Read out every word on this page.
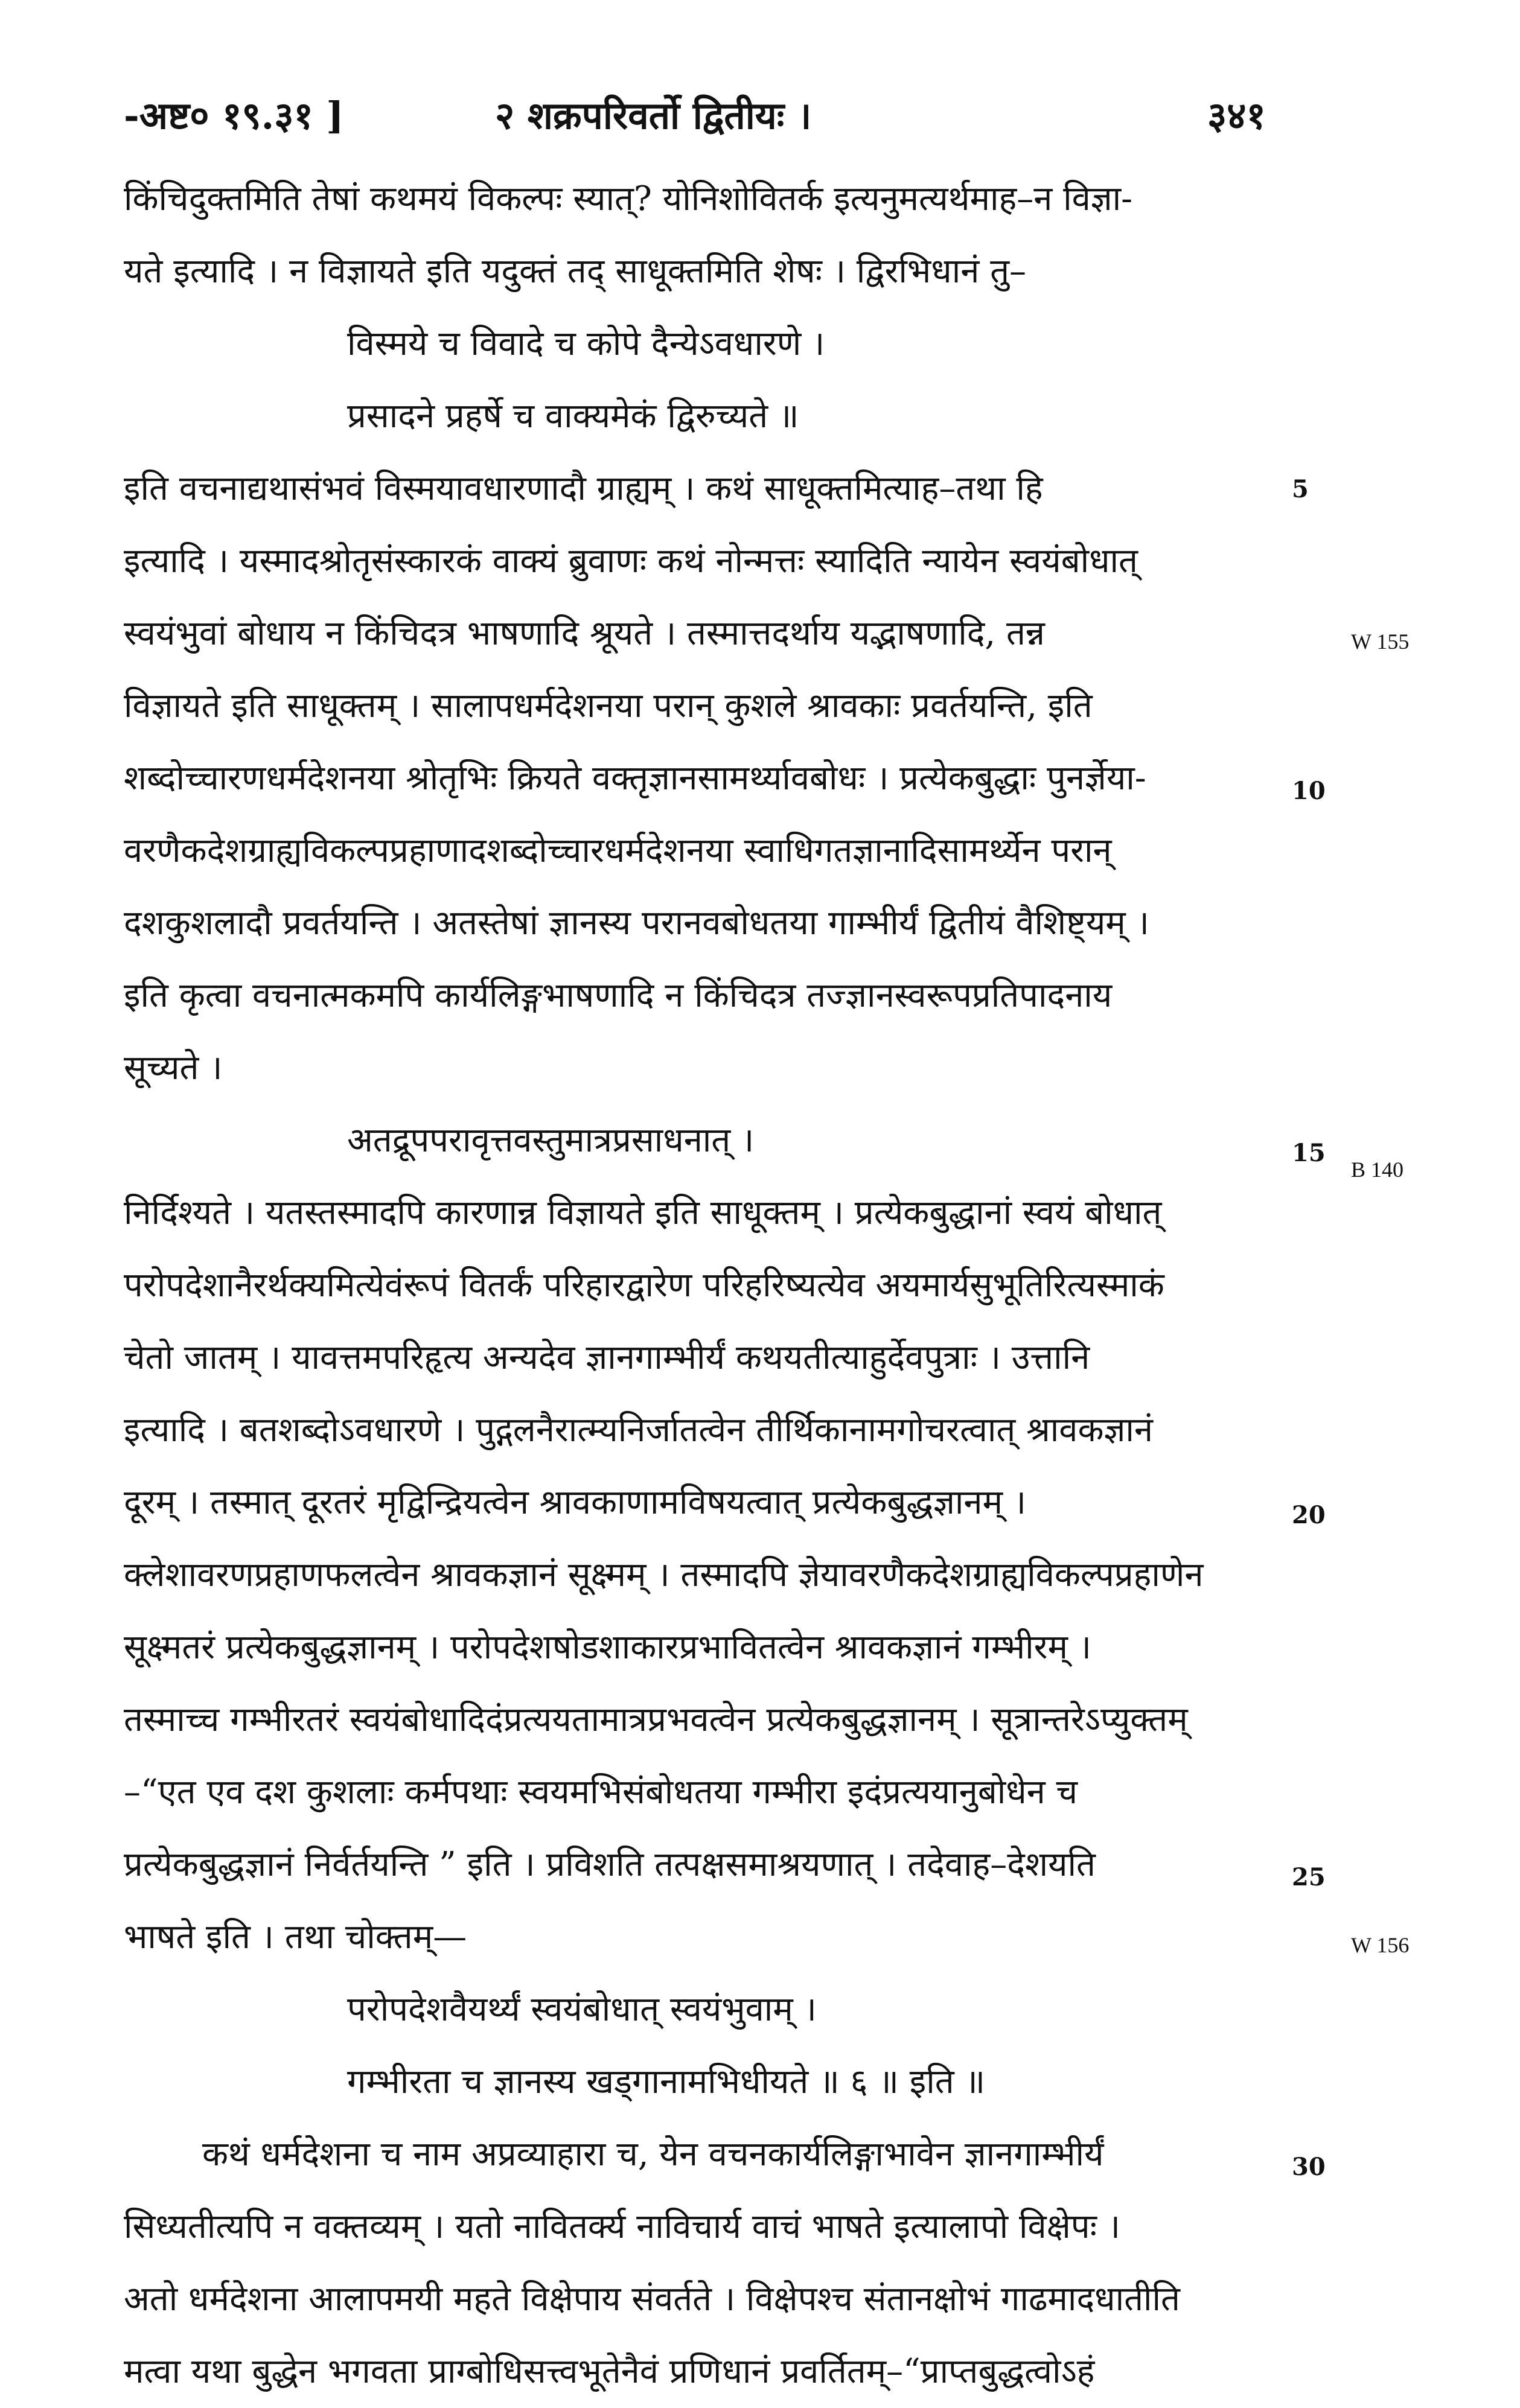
-अष्ट० १९.३१ ]	२ शक्रपरिवर्तो द्वितीयः ।	३४१
किंचिदुक्तमिति तेषां कथमयं विकल्पः स्यात्? योनिशोवितर्क इत्यनुमत्यर्थमाह–न विज्ञा-
यते इत्यादि । न विज्ञायते इति यदुक्तं तद् साधूक्तमिति शेषः । द्विरभिधानं तु–
विस्मये च विवादे च कोपे दैन्येऽवधारणे ।
प्रसादने प्रहर्षे च वाक्यमेकं द्विरुच्यते ॥
इति वचनाद्यथासंभवं विस्मयावधारणादौ ग्राह्यम् । कथं साधूक्तमित्याह–तथा हि
इत्यादि । यस्मादश्रोतृसंस्कारकं वाक्यं ब्रुवाणः कथं नोन्मत्तः स्यादिति न्यायेन स्वयंबोधात्
स्वयंभुवां बोधाय न किंचिदत्र भाषणादि श्रूयते । तस्मात्तदर्थाय यद्भाषणादि, तन्न
विज्ञायते इति साधूक्तम् । सालापधर्मदेशनया परान् कुशले श्रावकाः प्रवर्तयन्ति, इति
शब्दोच्चारणधर्मदेशनया श्रोतृभिः क्रियते वक्तृज्ञानसामर्थ्यावबोधः । प्रत्येकबुद्धाः पुनर्ज्ञेया-
वरणैकदेशग्राह्यविकल्पप्रहाणादशब्दोच्चारधर्मदेशनया स्वाधिगतज्ञानादिसामर्थ्येन परान्
दशकुशलादौ प्रवर्तयन्ति । अतस्तेषां ज्ञानस्य परानवबोधतया गाम्भीर्यं द्वितीयं वैशिष्ट्यम् ।
इति कृत्वा वचनात्मकमपि कार्यलिङ्गभाषणादि न किंचिदत्र तज्ज्ञानस्वरूपप्रतिपादनाय
सूच्यते ।
अतद्रूपपरावृत्तवस्तुमात्रप्रसाधनात् ।
निर्दिश्यते । यतस्तस्मादपि कारणान्न विज्ञायते इति साधूक्तम् । प्रत्येकबुद्धानां स्वयं बोधात्
परोपदेशानैरर्थक्यमित्येवंरूपं वितर्कं परिहारद्वारेण परिहरिष्यत्येव अयमार्यसुभूतिरित्यस्माकं
चेतो जातम् । यावत्तमपरिहृत्य अन्यदेव ज्ञानगाम्भीर्यं कथयतीत्याहुर्देवपुत्राः । उत्तानि
इत्यादि । बतशब्दोऽवधारणे । पुद्गलनैरात्म्यनिर्जातत्वेन तीर्थिकानामगोचरत्वात् श्रावकज्ञानं
दूरम् । तस्मात् दूरतरं मृद्विन्द्रियत्वेन श्रावकाणामविषयत्वात् प्रत्येकबुद्धज्ञानम् ।
क्लेशावरणप्रहाणफलत्वेन श्रावकज्ञानं सूक्ष्मम् । तस्मादपि ज्ञेयावरणैकदेशग्राह्यविकल्पप्रहाणेन
सूक्ष्मतरं प्रत्येकबुद्धज्ञानम् । परोपदेशषोडशाकारप्रभावितत्वेन श्रावकज्ञानं गम्भीरम् ।
तस्माच्च गम्भीरतरं स्वयंबोधादिदंप्रत्ययतामात्रप्रभवत्वेन प्रत्येकबुद्धज्ञानम् । सूत्रान्तरेऽप्युक्तम्
–“एत एव दश कुशलाः कर्मपथाः स्वयमभिसंबोधतया गम्भीरा इदंप्रत्ययानुबोधेन च
प्रत्येकबुद्धज्ञानं निर्वर्तयन्ति ” इति । प्रविशति तत्पक्षसमाश्रयणात् । तदेवाह–देशयति
भाषते इति । तथा चोक्तम्—
परोपदेशवैयर्थ्यं स्वयंबोधात् स्वयंभुवाम् ।
गम्भीरता च ज्ञानस्य खड्गानामभिधीयते ॥ ६ ॥ इति ॥
कथं धर्मदेशना च नाम अप्रव्याहारा च, येन वचनकार्यलिङ्गाभावेन ज्ञानगाम्भीर्यं
सिध्यतीत्यपि न वक्तव्यम् । यतो नावितर्क्य नाविचार्य वाचं भाषते इत्यालापो विक्षेपः ।
अतो धर्मदेशना आलापमयी महते विक्षेपाय संवर्तते । विक्षेपश्च संतानक्षोभं गाढमादधातीति
मत्वा यथा बुद्धेन भगवता प्राग्बोधिसत्त्वभूतेनैवं प्रणिधानं प्रवर्तितम्–“प्राप्तबुद्धत्वोऽहं
5
10
15
20
25
30
W 155
B 140
W 156
